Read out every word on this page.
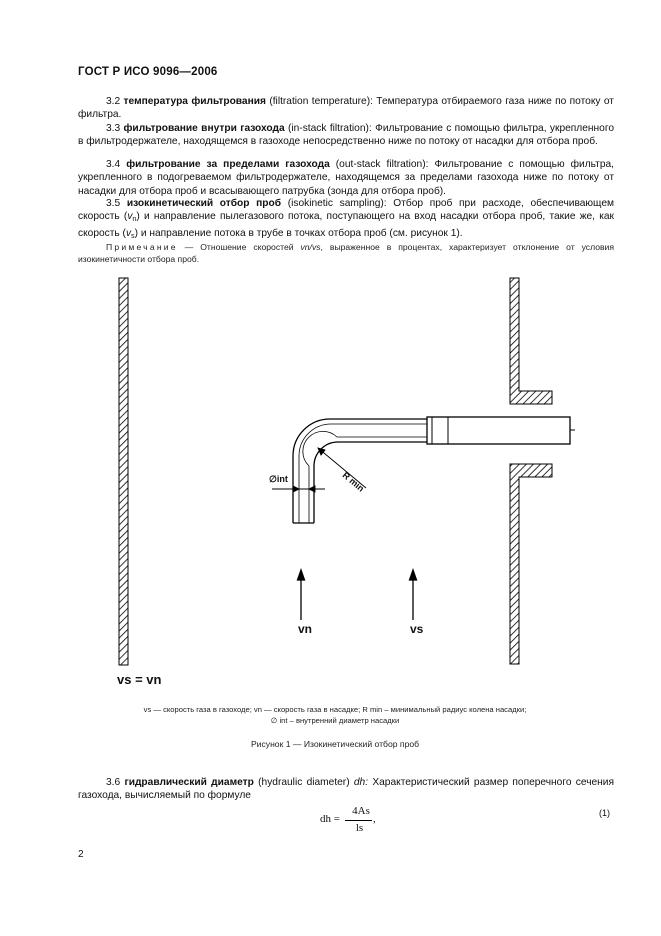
ГОСТ Р ИСО 9096—2006
3.2 температура фильтрования (filtration temperature): Температура отбираемого газа ниже по потоку от фильтра.
3.3 фильтрование внутри газохода (in-stack filtration): Фильтрование с помощью фильтра, укрепленного в фильтродержателе, находящемся в газоходе непосредственно ниже по потоку от насадки для отбора проб.
3.4 фильтрование за пределами газохода (out-stack filtration): Фильтрование с помощью фильтра, укрепленного в подогреваемом фильтродержателе, находящемся за пределами газохода ниже по потоку от насадки для отбора проб и всасывающего патрубка (зонда для отбора проб).
3.5 изокинетический отбор проб (isokinetic sampling): Отбор проб при расходе, обеспечивающем скорость $(v_n)$ и направление пылегазового потока, поступающего на вход насадки отбора проб, такие же, как скорость $(v_s)$ и направление потока в трубе в точках отбора проб (см. рисунок 1).
Примечание — Отношение скоростей vn/vs, выраженное в процентах, характеризует отклонение от условия изокинетичности отбора проб.
∅int	R min
vn	vs
vs = vn
vs — скорость газа в газоходе; vn — скорость газа в насадке; R min – минимальный радиус колена насадки;
∅ int – внутренний диаметр насадки
Рисунок 1 — Изокинетический отбор проб
3.6 гидравлический диаметр (hydraulic diameter) dh: Характеристический размер поперечного сечения газохода, вычисляемый по формуле
dh =
4As
ls
,	(1)
2
